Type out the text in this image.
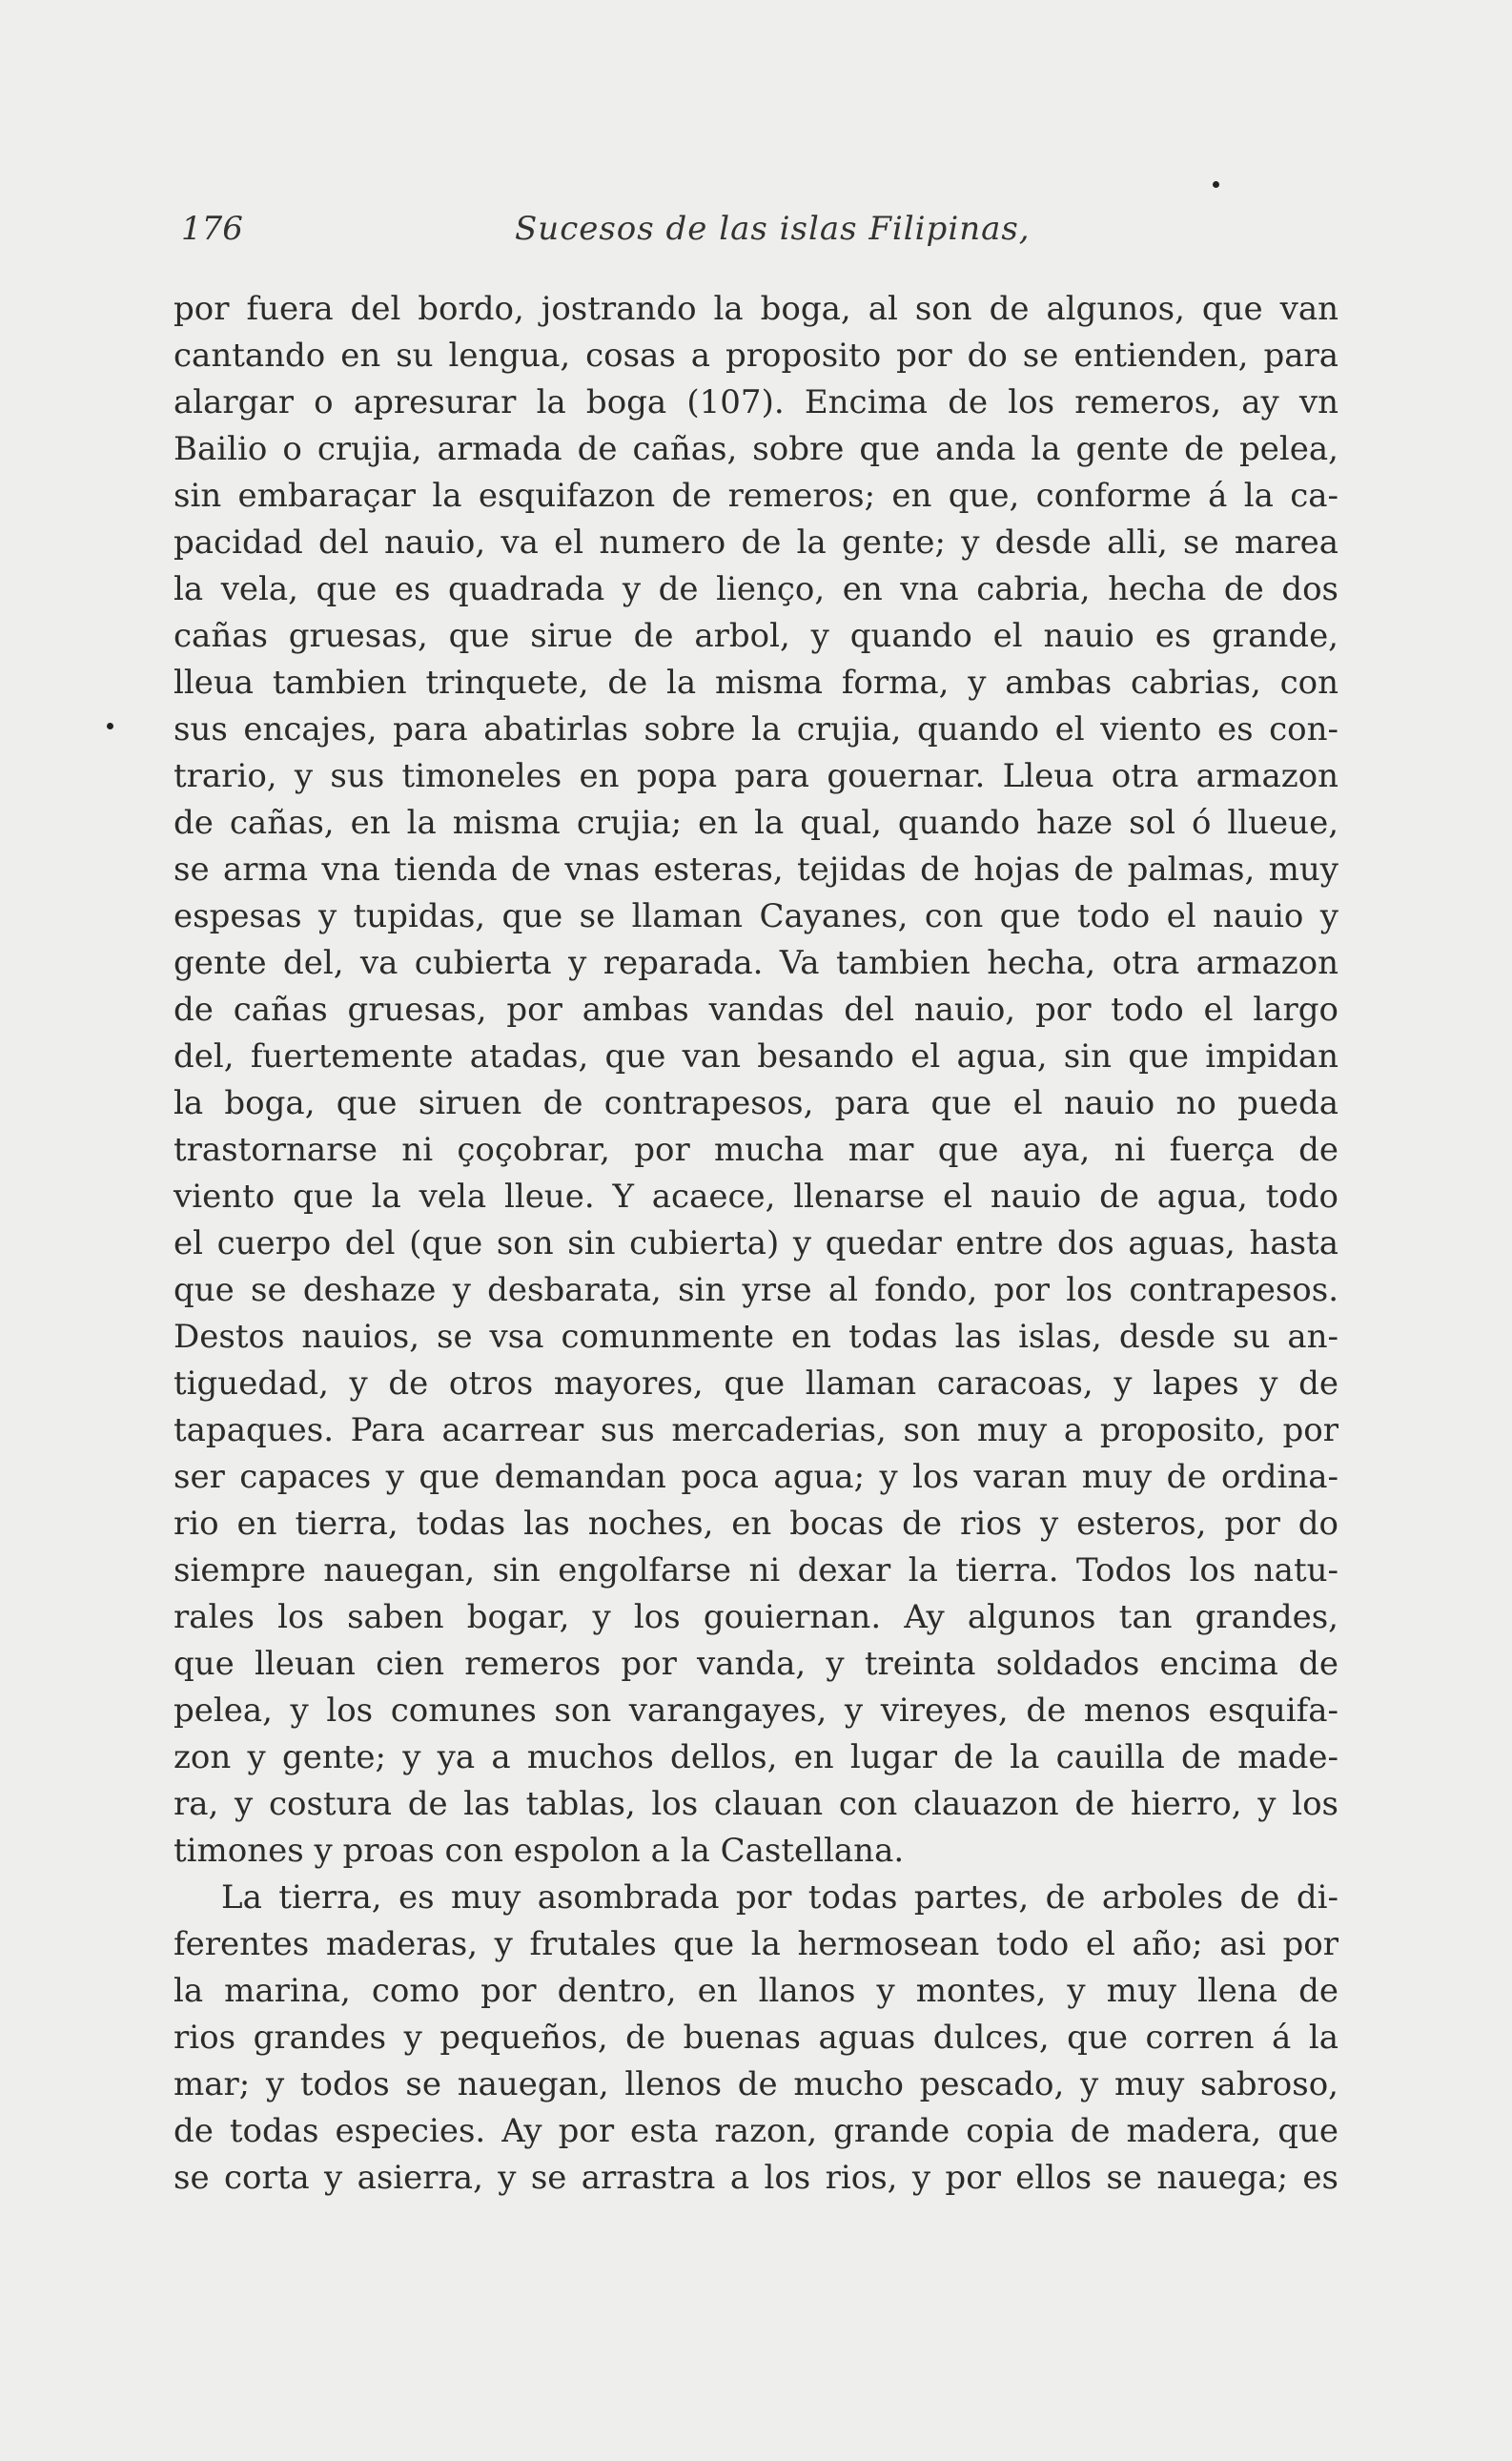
176	Sucesos de las islas Filipinas,
por fuera del bordo, jostrando la boga, al son de algunos, que van
cantando en su lengua, cosas a proposito por do se entienden, para
alargar o apresurar la boga (107). Encima de los remeros, ay vn
Bailio o crujia, armada de cañas, sobre que anda la gente de pelea,
sin embaraçar la esquifazon de remeros; en que, conforme á la ca-
pacidad del nauio, va el numero de la gente; y desde alli, se marea
la vela, que es quadrada y de lienço, en vna cabria, hecha de dos
cañas gruesas, que sirue de arbol, y quando el nauio es grande,
lleua tambien trinquete, de la misma forma, y ambas cabrias, con
sus encajes, para abatirlas sobre la crujia, quando el viento es con-
trario, y sus timoneles en popa para gouernar. Lleua otra armazon
de cañas, en la misma crujia; en la qual, quando haze sol ó llueue,
se arma vna tienda de vnas esteras, tejidas de hojas de palmas, muy
espesas y tupidas, que se llaman Cayanes, con que todo el nauio y
gente del, va cubierta y reparada. Va tambien hecha, otra armazon
de cañas gruesas, por ambas vandas del nauio, por todo el largo
del, fuertemente atadas, que van besando el agua, sin que impidan
la boga, que siruen de contrapesos, para que el nauio no pueda
trastornarse ni çoçobrar, por mucha mar que aya, ni fuerça de
viento que la vela lleue. Y acaece, llenarse el nauio de agua, todo
el cuerpo del (que son sin cubierta) y quedar entre dos aguas, hasta
que se deshaze y desbarata, sin yrse al fondo, por los contrapesos.
Destos nauios, se vsa comunmente en todas las islas, desde su an-
tiguedad, y de otros mayores, que llaman caracoas, y lapes y de
tapaques. Para acarrear sus mercaderias, son muy a proposito, por
ser capaces y que demandan poca agua; y los varan muy de ordina-
rio en tierra, todas las noches, en bocas de rios y esteros, por do
siempre nauegan, sin engolfarse ni dexar la tierra. Todos los natu-
rales los saben bogar, y los gouiernan. Ay algunos tan grandes,
que lleuan cien remeros por vanda, y treinta soldados encima de
pelea, y los comunes son varangayes, y vireyes, de menos esquifa-
zon y gente; y ya a muchos dellos, en lugar de la cauilla de made-
ra, y costura de las tablas, los clauan con clauazon de hierro, y los
timones y proas con espolon a la Castellana.
La tierra, es muy asombrada por todas partes, de arboles de di-
ferentes maderas, y frutales que la hermosean todo el año; asi por
la marina, como por dentro, en llanos y montes, y muy llena de
rios grandes y pequeños, de buenas aguas dulces, que corren á la
mar; y todos se nauegan, llenos de mucho pescado, y muy sabroso,
de todas especies. Ay por esta razon, grande copia de madera, que
se corta y asierra, y se arrastra a los rios, y por ellos se nauega; es
